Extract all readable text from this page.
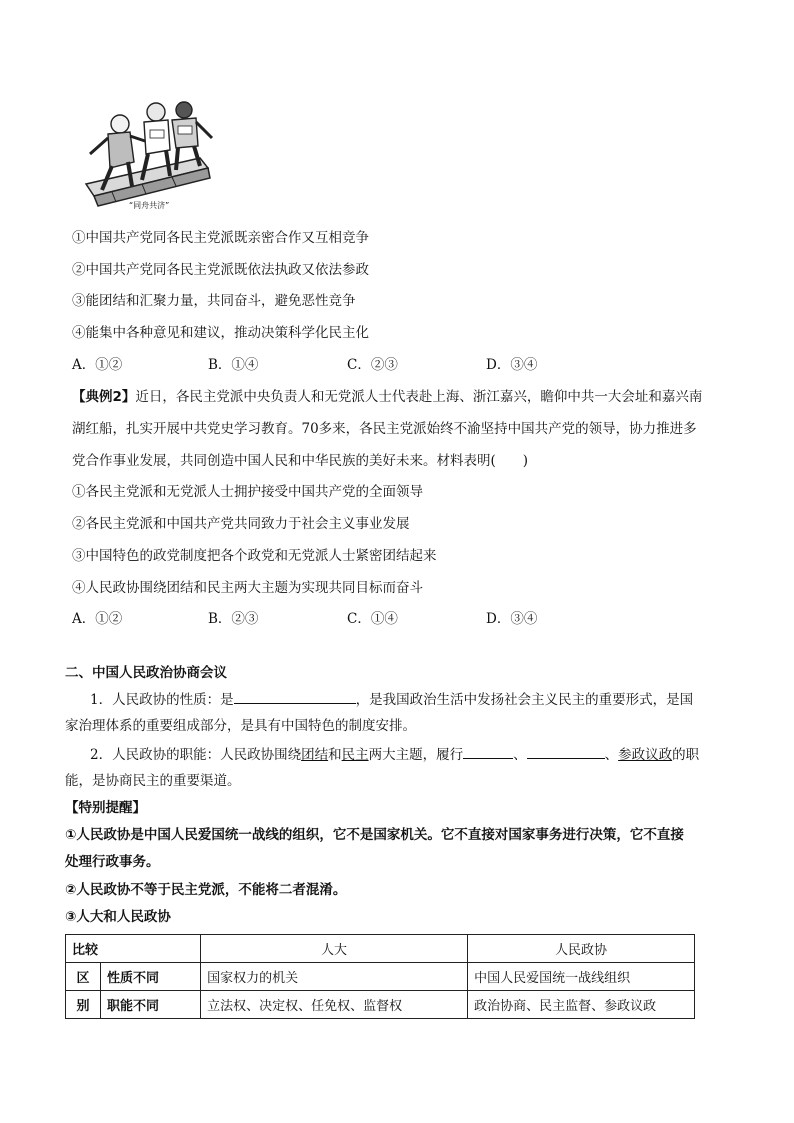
“同舟共济”
①中国共产党同各民主党派既亲密合作又互相竞争
②中国共产党同各民主党派既依法执政又依法参政
③能团结和汇聚力量，共同奋斗，避免恶性竞争
④能集中各种意见和建议，推动决策科学化民主化
A．①②	B．①④	C．②③	D．③④
【典例2】近日，各民主党派中央负责人和无党派人士代表赴上海、浙江嘉兴，瞻仰中共一大会址和嘉兴南
湖红船，扎实开展中共党史学习教育。70多来，各民主党派始终不渝坚持中国共产党的领导，协力推进多
党合作事业发展，共同创造中国人民和中华民族的美好未来。材料表明(　　)
①各民主党派和无党派人士拥护接受中国共产党的全面领导
②各民主党派和中国共产党共同致力于社会主义事业发展
③中国特色的政党制度把各个政党和无党派人士紧密团结起来
④人民政协围绕团结和民主两大主题为实现共同目标而奋斗
A．①②	B．②③	C．①④	D．③④
二、中国人民政治协商会议
1．人民政协的性质：是	，是我国政治生活中发扬社会主义民主的重要形式，是国
家治理体系的重要组成部分，是具有中国特色的制度安排。
2．人民政协的职能：人民政协围绕团结和民主两大主题，履行	、	、参政议政的职
能，是协商民主的重要渠道。
【特别提醒】
①人民政协是中国人民爱国统一战线的组织，它不是国家机关。它不直接对国家事务进行决策，它不直接
处理行政事务。
②人民政协不等于民主党派，不能将二者混淆。
③人大和人民政协
比较		人大	人民政协
区	性质不同	国家权力的机关	中国人民爱国统一战线组织
别	职能不同	立法权、决定权、任免权、监督权	政治协商、民主监督、参政议政
